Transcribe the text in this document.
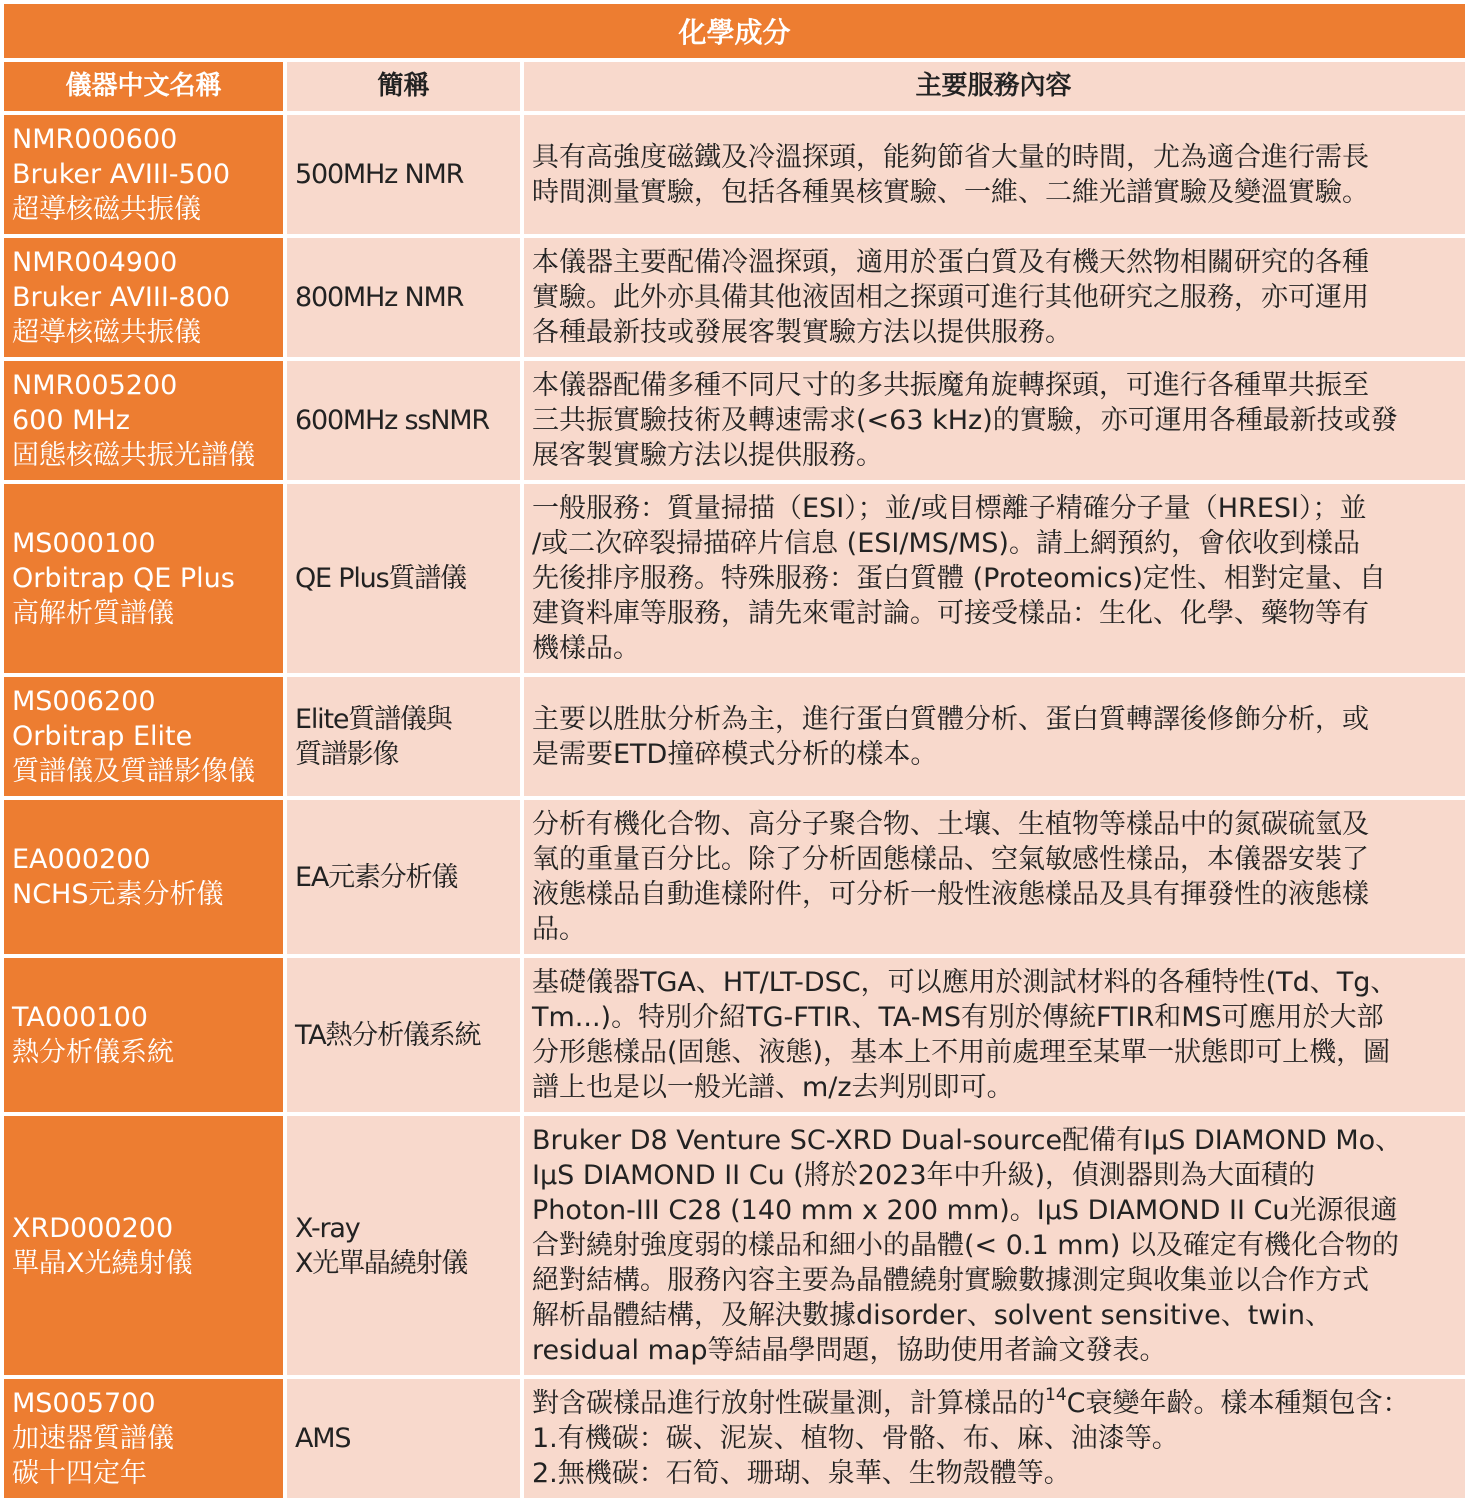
化學成分
儀器中文名稱	簡稱	主要服務內容
NMR000600
Bruker AVIII-500
超導核磁共振儀
500MHz NMR
具有高強度磁鐵及冷溫探頭，能夠節省大量的時間，尤為適合進行需長
時間測量實驗，包括各種異核實驗、一維、二維光譜實驗及變溫實驗。
NMR004900
Bruker AVIII-800
超導核磁共振儀
800MHz NMR
本儀器主要配備冷溫探頭，適用於蛋白質及有機天然物相關研究的各種
實驗。此外亦具備其他液固相之探頭可進行其他研究之服務，亦可運用
各種最新技或發展客製實驗方法以提供服務。
NMR005200
600 MHz
固態核磁共振光譜儀
600MHz ssNMR
本儀器配備多種不同尺寸的多共振魔角旋轉探頭，可進行各種單共振至
三共振實驗技術及轉速需求(<63 kHz)的實驗，亦可運用各種最新技或發
展客製實驗方法以提供服務。
MS000100
Orbitrap QE Plus
高解析質譜儀
QE Plus質譜儀
一般服務：質量掃描（ESI）；並/或目標離子精確分子量（HRESI）；並
/或二次碎裂掃描碎片信息 (ESI/MS/MS)。請上網預約，會依收到樣品
先後排序服務。特殊服務：蛋白質體 (Proteomics)定性、相對定量、自
建資料庫等服務，請先來電討論。可接受樣品：生化、化學、藥物等有
機樣品。
MS006200
Orbitrap Elite
質譜儀及質譜影像儀
Elite質譜儀與
質譜影像
主要以胜肽分析為主，進行蛋白質體分析、蛋白質轉譯後修飾分析，或
是需要ETD撞碎模式分析的樣本。
EA000200
NCHS元素分析儀
EA元素分析儀
分析有機化合物、高分子聚合物、土壤、生植物等樣品中的氮碳硫氫及
氧的重量百分比。除了分析固態樣品、空氣敏感性樣品，本儀器安裝了
液態樣品自動進樣附件，可分析一般性液態樣品及具有揮發性的液態樣
品。
TA000100
熱分析儀系統
TA熱分析儀系統
基礎儀器TGA、HT/LT-DSC，可以應用於測試材料的各種特性(Td、Tg、
Tm...)。特別介紹TG-FTIR、TA-MS有別於傳統FTIR和MS可應用於大部
分形態樣品(固態、液態)，基本上不用前處理至某單一狀態即可上機，圖
譜上也是以一般光譜、m/z去判別即可。
XRD000200
單晶X光繞射儀
X-ray
X光單晶繞射儀
Bruker D8 Venture SC-XRD Dual-source配備有IμS DIAMOND Mo、
IμS DIAMOND II Cu (將於2023年中升級)，偵測器則為大面積的
Photon-III C28 (140 mm x 200 mm)。IμS DIAMOND II Cu光源很適
合對繞射強度弱的樣品和細小的晶體(< 0.1 mm) 以及確定有機化合物的
絕對結構。服務內容主要為晶體繞射實驗數據測定與收集並以合作方式
解析晶體結構，及解決數據disorder、solvent sensitive、twin、
residual map等結晶學問題，協助使用者論文發表。
MS005700
加速器質譜儀
碳十四定年
AMS
對含碳樣品進行放射性碳量測，計算樣品的$^{14}$C衰變年齡。樣本種類包含：
1.有機碳：碳、泥炭、植物、骨骼、布、麻、油漆等。
2.無機碳：石筍、珊瑚、泉華、生物殼體等。
